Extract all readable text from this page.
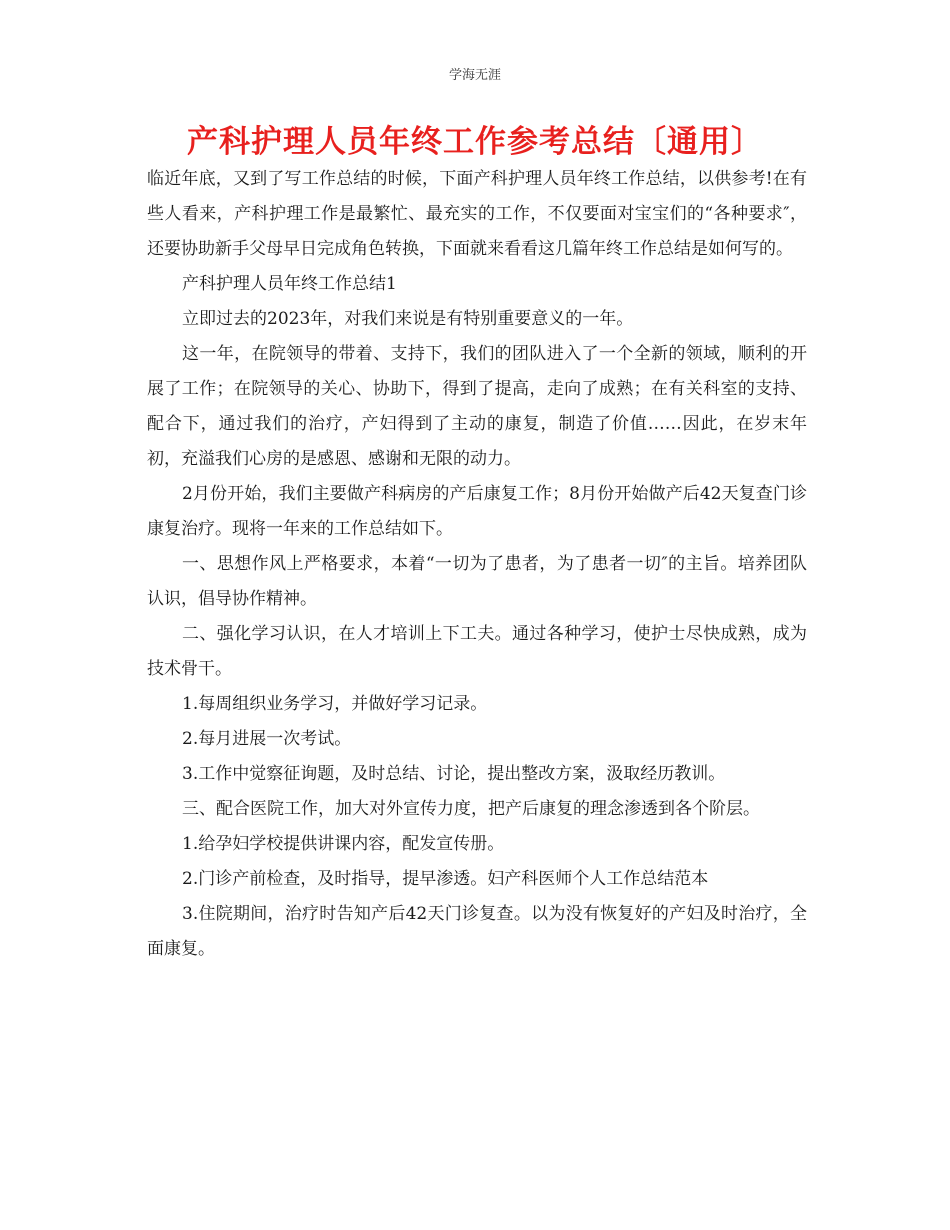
学海无涯
产科护理人员年终工作参考总结〔通用〕

临近年底，又到了写工作总结的时候，下面产科护理人员年终工作总结，以供参考!在有些人看来，产科护理工作是最繁忙、最充实的工作，不仅要面对宝宝们的“各种要求″，还要协助新手父母早日完成角色转换，下面就来看看这几篇年终工作总结是如何写的。

产科护理人员年终工作总结1

立即过去的2023年，对我们来说是有特别重要意义的一年。

这一年，在院领导的带着、支持下，我们的团队进入了一个全新的领域，顺利的开展了工作；在院领导的关心、协助下，得到了提高，走向了成熟；在有关科室的支持、配合下，通过我们的治疗，产妇得到了主动的康复，制造了价值……因此，在岁末年初，充溢我们心房的是感恩、感谢和无限的动力。

2月份开始，我们主要做产科病房的产后康复工作；8月份开始做产后42天复查门诊康复治疗。现将一年来的工作总结如下。

一、思想作风上严格要求，本着“一切为了患者，为了患者一切″的主旨。培养团队认识，倡导协作精神。

二、强化学习认识，在人才培训上下工夫。通过各种学习，使护士尽快成熟，成为技术骨干。

1.每周组织业务学习，并做好学习记录。

2.每月进展一次考试。

3.工作中觉察征询题，及时总结、讨论，提出整改方案，汲取经历教训。

三、配合医院工作，加大对外宣传力度，把产后康复的理念渗透到各个阶层。

1.给孕妇学校提供讲课内容，配发宣传册。

2.门诊产前检查，及时指导，提早渗透。妇产科医师个人工作总结范本

3.住院期间，治疗时告知产后42天门诊复查。以为没有恢复好的产妇及时治疗，全面康复。
